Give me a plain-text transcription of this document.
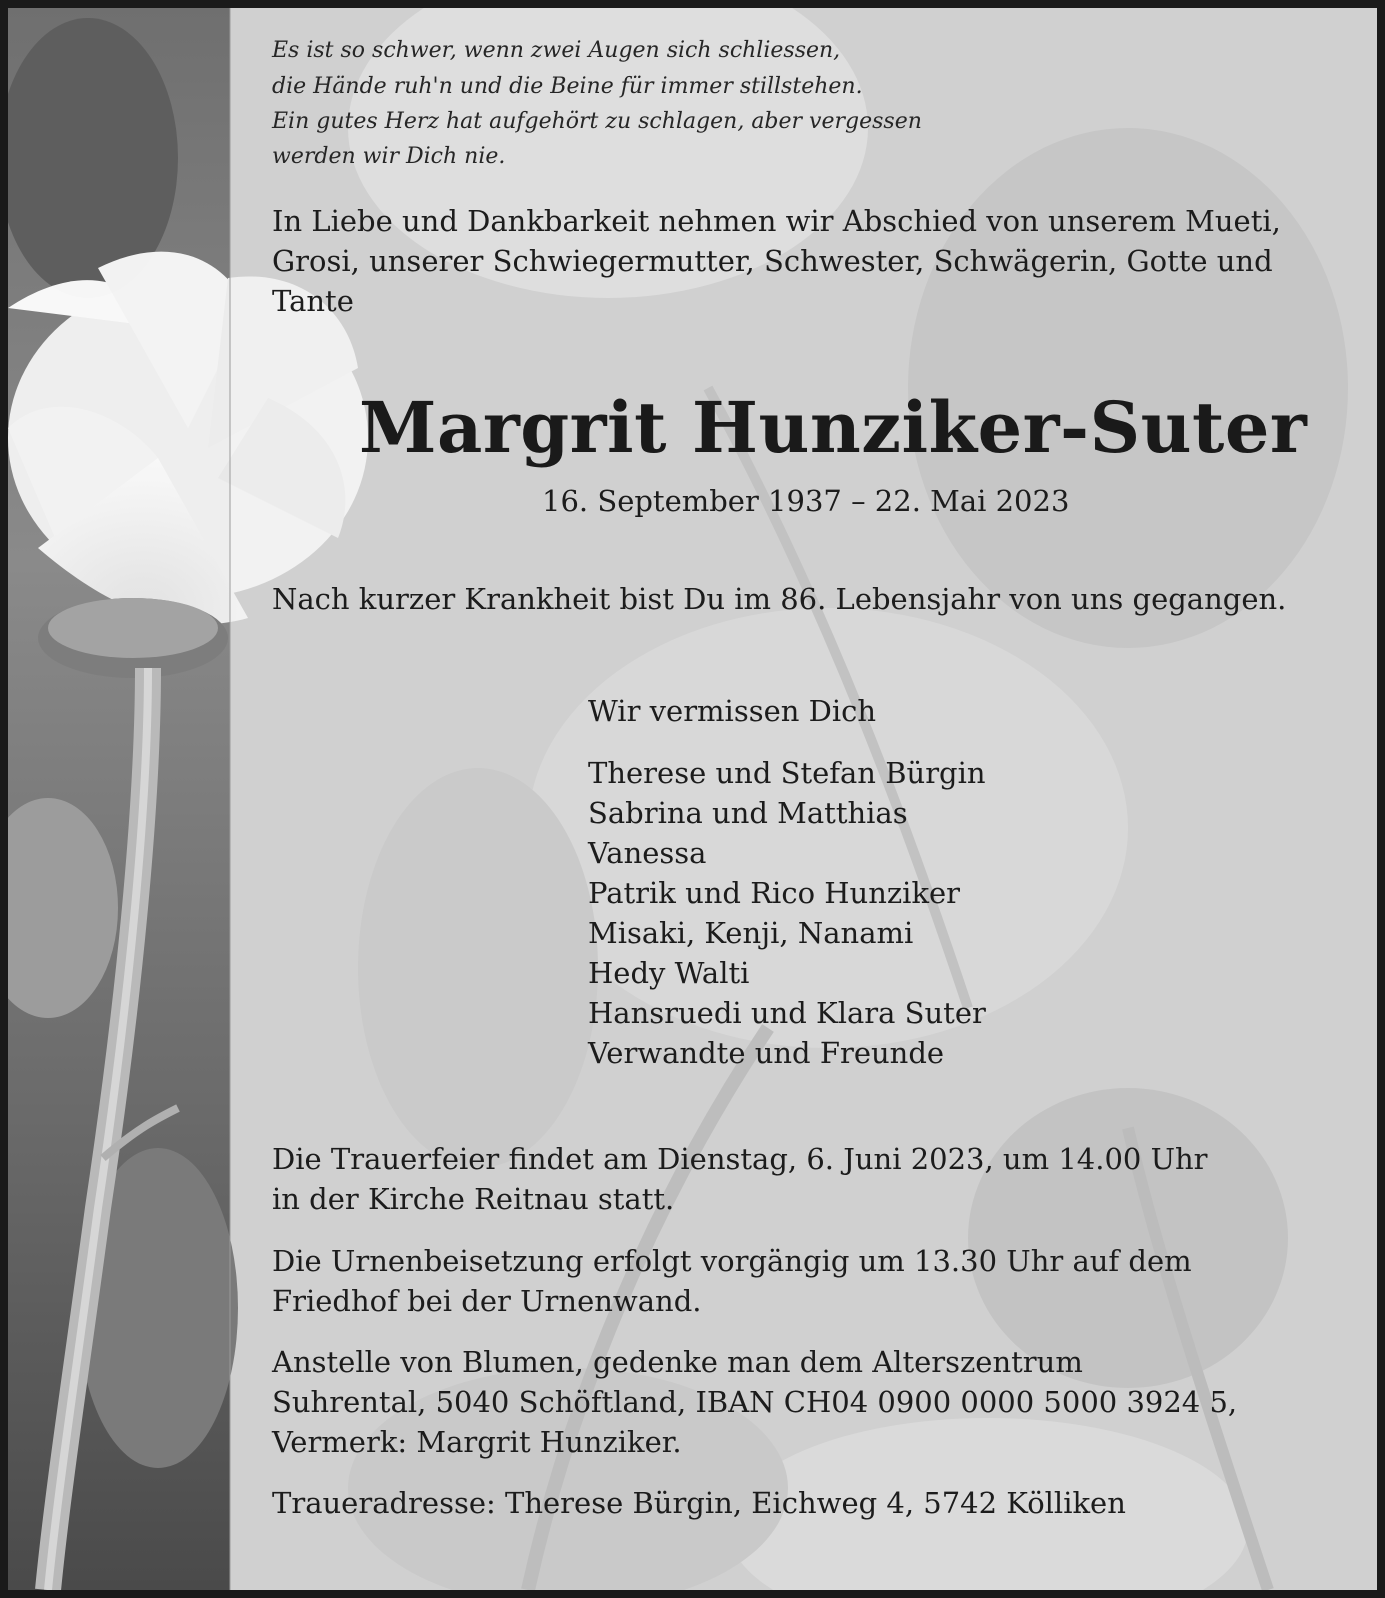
Es ist so schwer, wenn zwei Augen sich schliessen,

die Hände ruh'n und die Beine für immer stillstehen.

Ein gutes Herz hat aufgehört zu schlagen, aber vergessen

werden wir Dich nie.

In Liebe und Dankbarkeit nehmen wir Abschied von unserem Mueti,

Grosi, unserer Schwiegermutter, Schwester, Schwägerin, Gotte und

Tante

Margrit Hunziker-Suter

16. September 1937 – 22. Mai 2023

Nach kurzer Krankheit bist Du im 86. Lebensjahr von uns gegangen.

Wir vermissen Dich

Therese und Stefan Bürgin

Sabrina und Matthias

Vanessa

Patrik und Rico Hunziker

Misaki, Kenji, Nanami

Hedy Walti

Hansruedi und Klara Suter

Verwandte und Freunde

Die Trauerfeier findet am Dienstag, 6. Juni 2023, um 14.00 Uhr

in der Kirche Reitnau statt.

Die Urnenbeisetzung erfolgt vorgängig um 13.30 Uhr auf dem

Friedhof bei der Urnenwand.

Anstelle von Blumen, gedenke man dem Alterszentrum

Suhrental, 5040 Schöftland, IBAN CH04 0900 0000 5000 3924 5,

Vermerk: Margrit Hunziker.

Traueradresse: Therese Bürgin, Eichweg 4, 5742 Kölliken
